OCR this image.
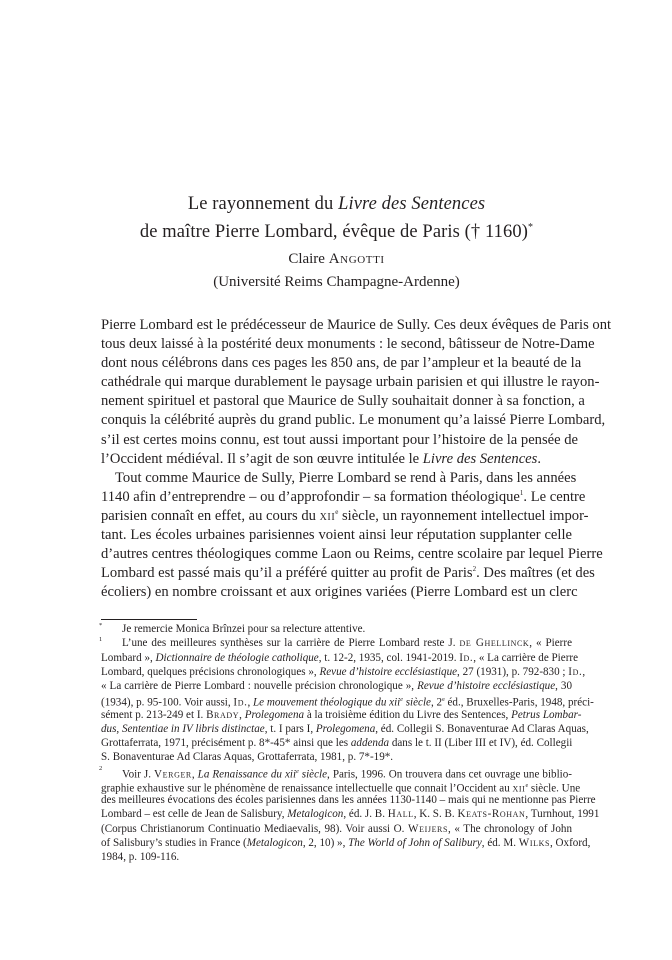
Le rayonnement du Livre des Sentences
de maître Pierre Lombard, évêque de Paris († 1160)*
Claire Angotti
(Université Reims Champagne-Ardenne)
Pierre Lombard est le prédécesseur de Maurice de Sully. Ces deux évêques de Paris ont
tous deux laissé à la postérité deux monuments : le second, bâtisseur de Notre-Dame
dont nous célébrons dans ces pages les 850 ans, de par l’ampleur et la beauté de la
cathédrale qui marque durablement le paysage urbain parisien et qui illustre le rayon-
nement spirituel et pastoral que Maurice de Sully souhaitait donner à sa fonction, a
conquis la célébrité auprès du grand public. Le monument qu’a laissé Pierre Lombard,
s’il est certes moins connu, est tout aussi important pour l’histoire de la pensée de
l’Occident médiéval. Il s’agit de son œuvre intitulée le Livre des Sentences.
Tout comme Maurice de Sully, Pierre Lombard se rend à Paris, dans les années
1140 afin d’entreprendre – ou d’approfondir – sa formation théologique$^1$. Le centre
parisien connaît en effet, au cours du xii$^e$ siècle, un rayonnement intellectuel impor-
tant. Les écoles urbaines parisiennes voient ainsi leur réputation supplanter celle
d’autres centres théologiques comme Laon ou Reims, centre scolaire par lequel Pierre
Lombard est passé mais qu’il a préféré quitter au profit de Paris$^2$. Des maîtres (et des
écoliers) en nombre croissant et aux origines variées (Pierre Lombard est un clerc
* Je remercie Monica Brînzei pour sa relecture attentive.
1 L’une des meilleures synthèses sur la carrière de Pierre Lombard reste J. de Ghellinck, « Pierre
Lombard », Dictionnaire de théologie catholique, t. 12-2, 1935, col. 1941-2019. Id., « La carrière de Pierre
Lombard, quelques précisions chronologiques », Revue d’histoire ecclésiastique, 27 (1931), p. 792-830 ; Id.,
« La carrière de Pierre Lombard : nouvelle précision chronologique », Revue d’histoire ecclésiastique, 30
(1934), p. 95-100. Voir aussi, Id., Le mouvement théologique du xii$^e$ siècle, 2e éd., Bruxelles-Paris, 1948, préci-
sément p. 213-249 et I. Brady, Prolegomena à la troisième édition du Livre des Sentences, Petrus Lombar-
dus, Sententiae in IV libris distinctae, t. I pars I, Prolegomena, éd. Collegii S. Bonaventurae Ad Claras Aquas,
Grottaferrata, 1971, précisément p. 8*-45* ainsi que les addenda dans le t. II (Liber III et IV), éd. Collegii
S. Bonaventurae Ad Claras Aquas, Grottaferrata, 1981, p. 7*-19*.
2
Voir J. Verger, La Renaissance du xii$^e$ siècle, Paris, 1996. On trouvera dans cet ouvrage une biblio-
graphie exhaustive sur le phénomène de renaissance intellectuelle que connait l’Occident au xii$^e$ siècle. Une
des meilleures évocations des écoles parisiennes dans les années 1130-1140 – mais qui ne mentionne pas Pierre
Lombard – est celle de Jean de Salisbury, Metalogicon, éd. J. B. Hall, K. S. B. Keats-Rohan, Turnhout, 1991
(Corpus Christianorum Continuatio Mediaevalis, 98). Voir aussi O. Weijers, « The chronology of John
of Salisbury’s studies in France (Metalogicon, 2, 10) », The World of John of Salibury, éd. M. Wilks, Oxford,
1984, p. 109-116.
